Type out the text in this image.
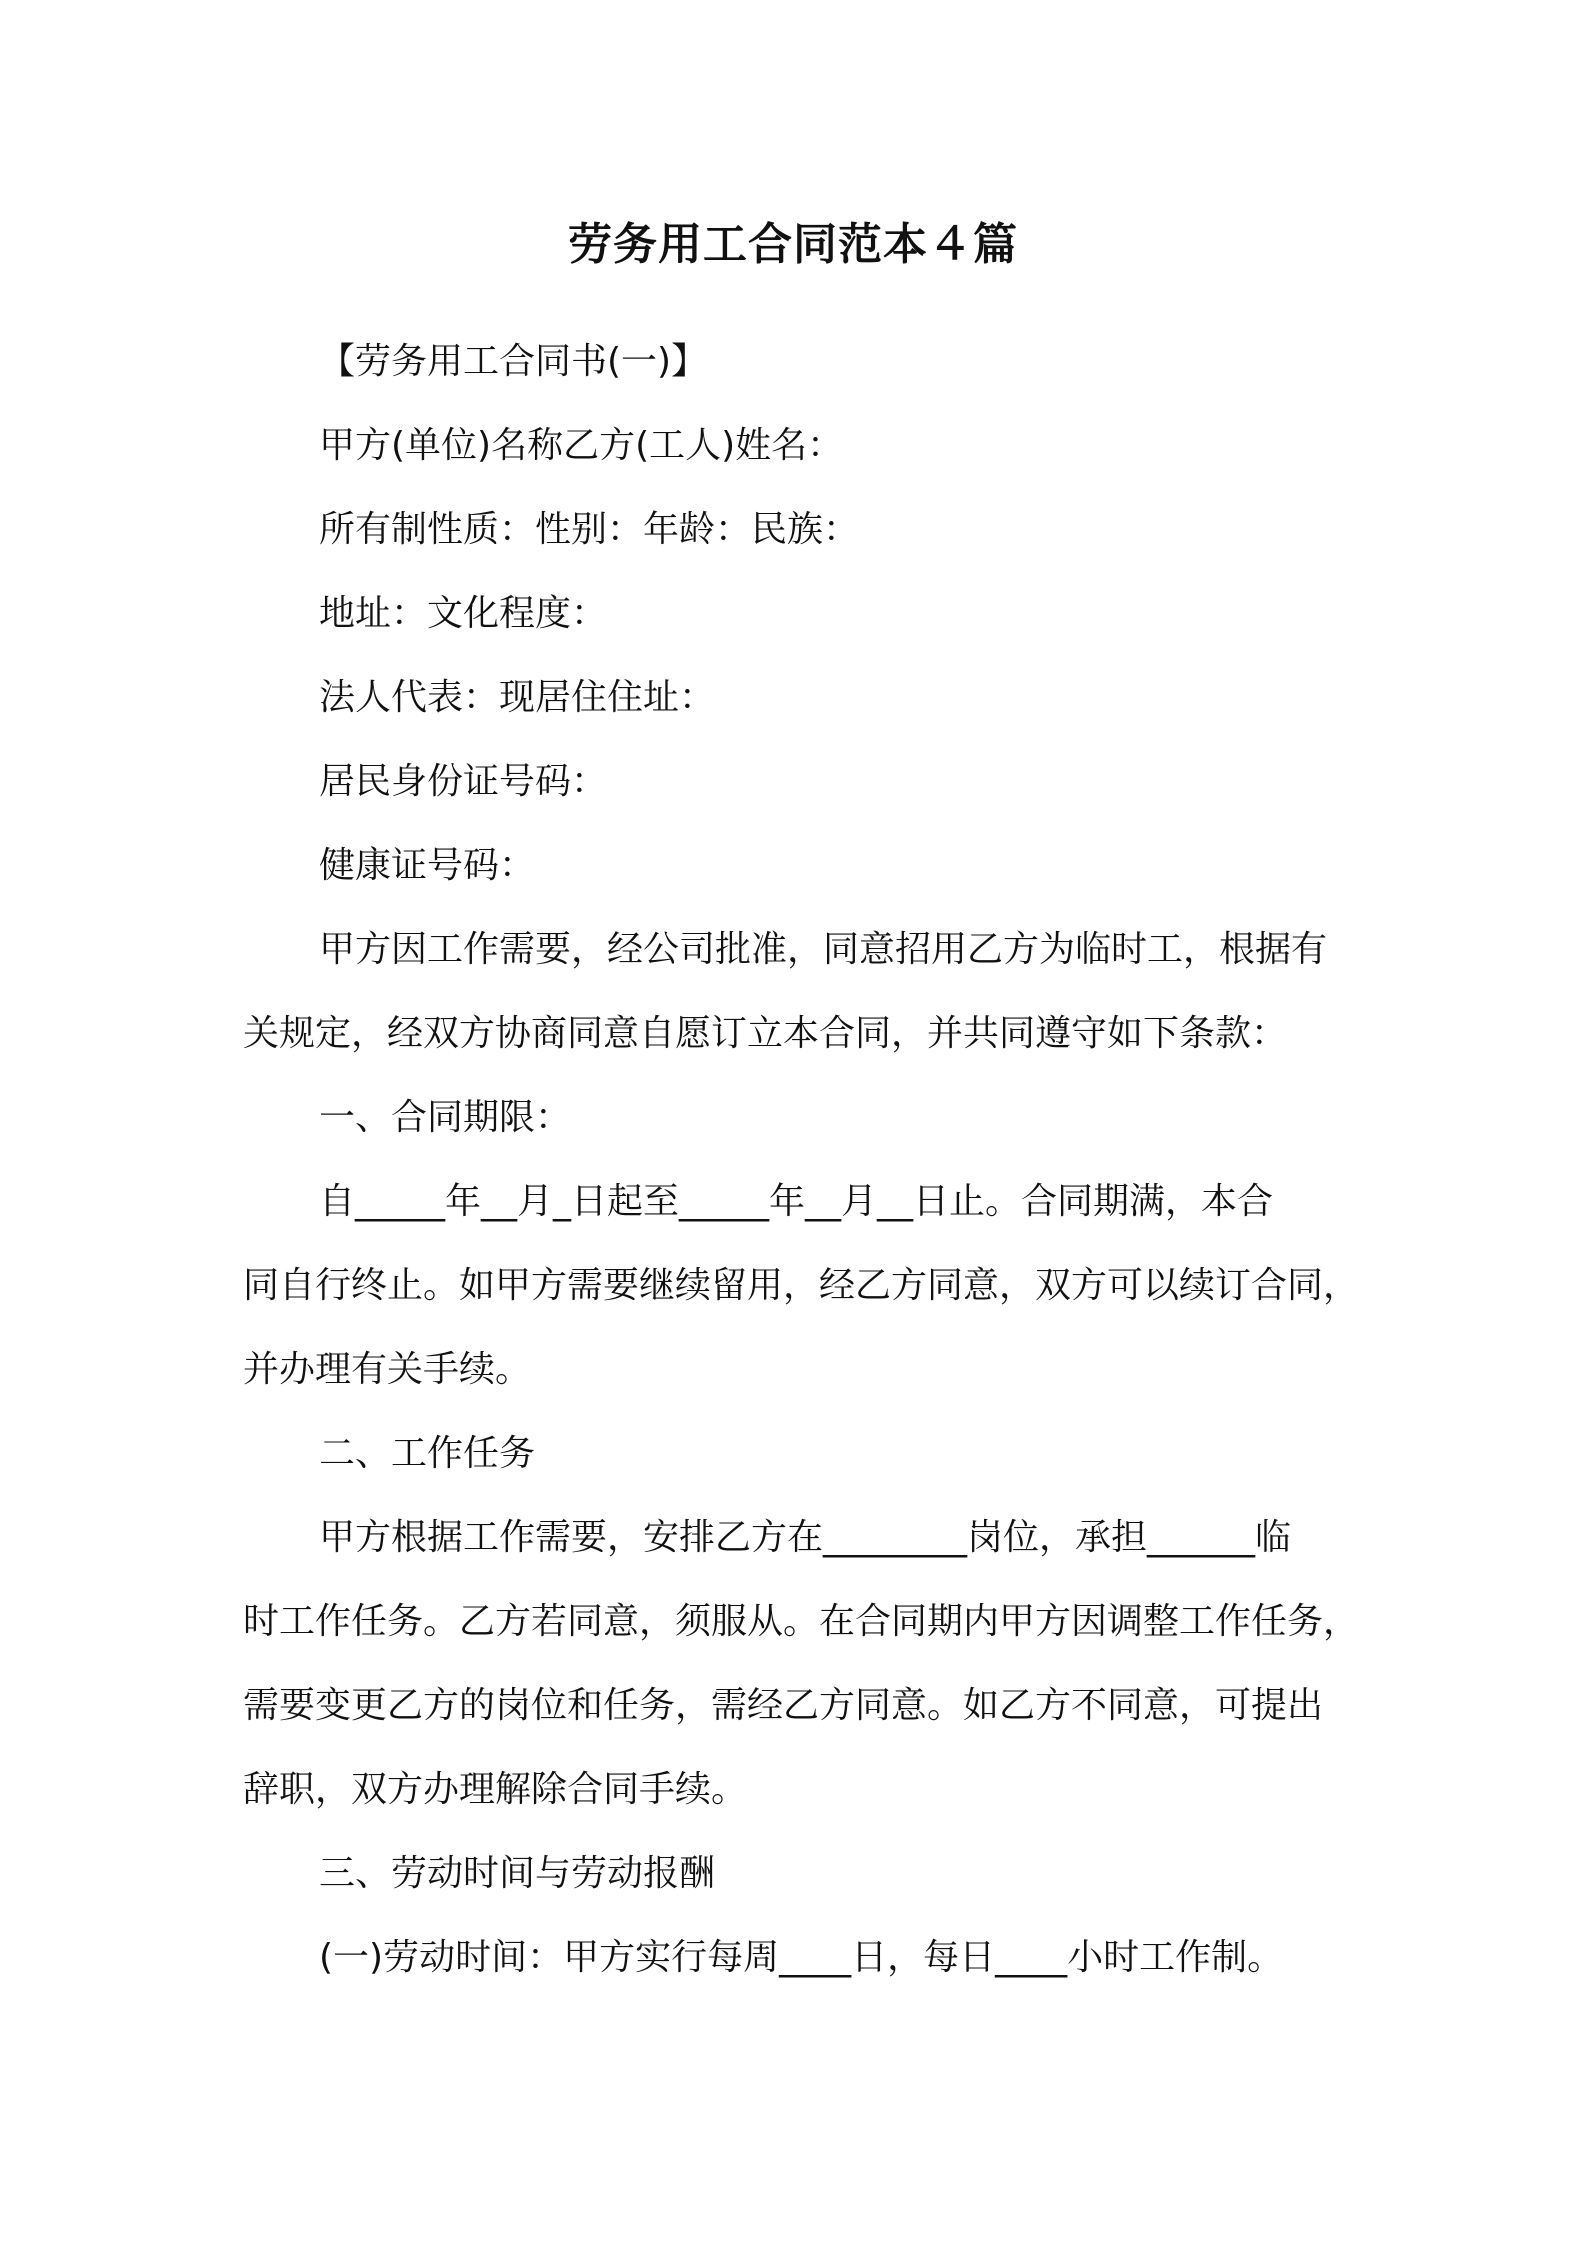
劳务用工合同范本４篇

【劳务用工合同书(一)】

甲方(单位)名称乙方(工人)姓名：

所有制性质：性别：年龄：民族：

地址：文化程度：

法人代表：现居住住址：

居民身份证号码：

健康证号码：

甲方因工作需要，经公司批准，同意招用乙方为临时工，根据有

关规定，经双方协商同意自愿订立本合同，并共同遵守如下条款：

一、合同期限：

自_____年__月_日起至_____年__月__日止。合同期满，本合

同自行终止。如甲方需要继续留用，经乙方同意，双方可以续订合同，

并办理有关手续。

二、工作任务

甲方根据工作需要，安排乙方在________岗位，承担______临

时工作任务。乙方若同意，须服从。在合同期内甲方因调整工作任务，

需要变更乙方的岗位和任务，需经乙方同意。如乙方不同意，可提出

辞职，双方办理解除合同手续。

三、劳动时间与劳动报酬

(一)劳动时间：甲方实行每周____日，每日____小时工作制。
